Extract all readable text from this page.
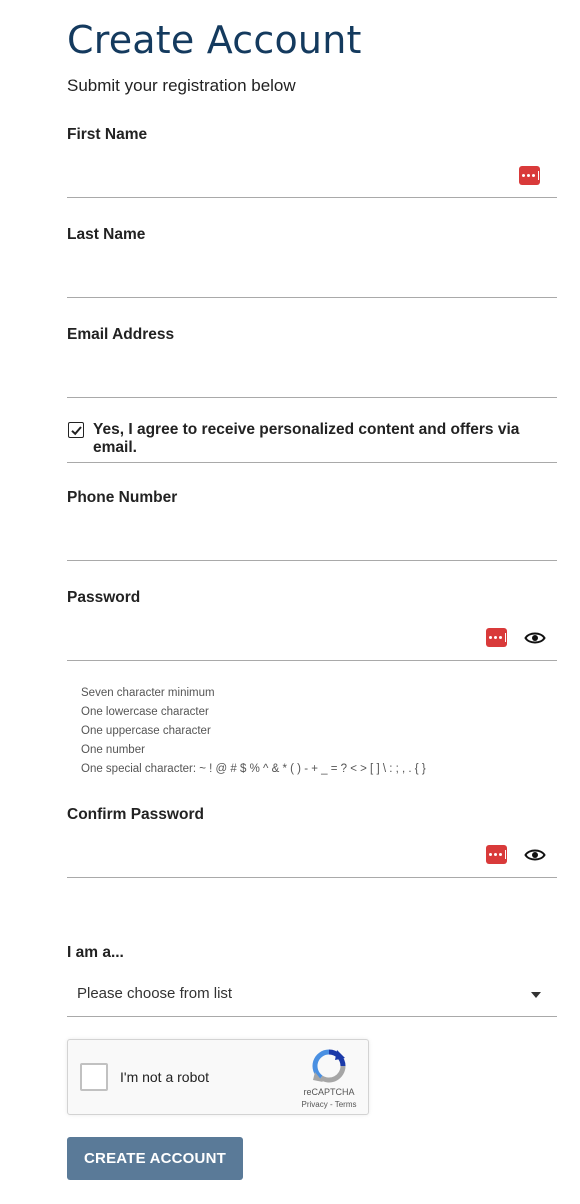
Create Account

Submit your registration below

First Name
Last Name
Email Address
Yes, I agree to receive personalized content and offers via email.
Phone Number
Password
Seven character minimum
One lowercase character
One uppercase character
One number
One special character: ~ ! @ # $ % ^ & * ( ) - + _ = ? < > [ ] \ : ; , . { }
Confirm Password
I am a...
Please choose from list
I'm not a robot
reCAPTCHA
Privacy - Terms
CREATE ACCOUNT
